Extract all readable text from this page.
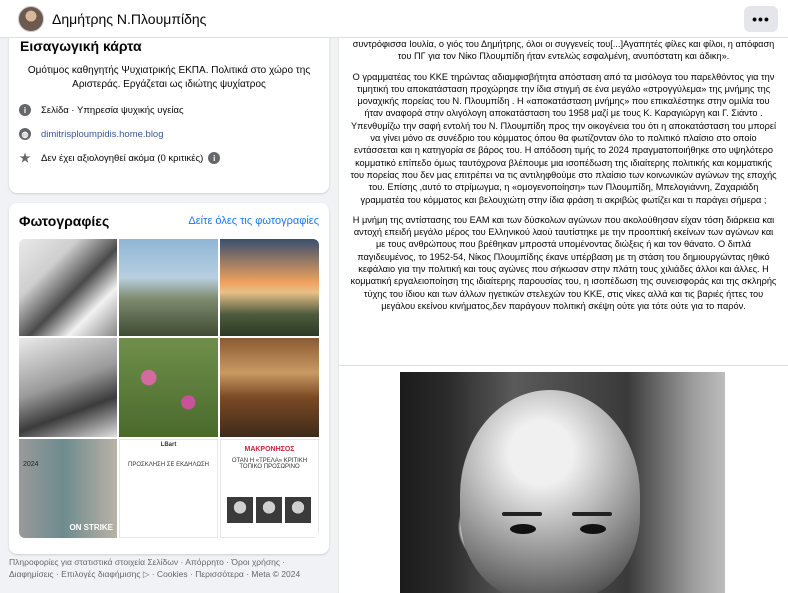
Δημήτρης Ν.Πλουμπίδης	•••
Εισαγωγική κάρτα
Ομότιμος καθηγητής Ψυχιατρικής ΕΚΠΑ. Πολιτικά στο χώρο της Αριστεράς. Εργάζεται ως ιδιώτης ψυχίατρος
i	Σελίδα · Υπηρεσία ψυχικής υγείας
◍ dimitrisploumpidis.home.blog
★ Δεν έχει αξιολογηθεί ακόμα (0 κριτικές)	i
Φωτογραφίες	Δείτε όλες τις φωτογραφίες
2024
ON STRIKE
LBart
ΠΡΟΣΚΛΗΣΗ ΣΕ ΕΚΔΗΛΩΣΗ
ΜΑΚΡΟΝΗΣΟΣ
ΟΤΑΝ Η «ΤΡΕΛΑ» ΚΡΙΤΙΚΗ ΤΟΠΙΚΟ ΠΡΟΣΩΡΙΝΟ
Πληροφορίες για στατιστικά στοιχεία Σελίδων · Απόρρητο · Όροι χρήσης · Διαφημίσεις · Επιλογές διαφήμισης ▷ · Cookies · Περισσότερα · Meta © 2024

συντρόφισσα Ιουλία, ο γιός του Δημήτρης, όλοι οι συγγενείς του[...]Αγαπητές φίλες και φίλοι, η απόφαση του ΠΓ για τον Νίκο Πλουμπίδη ήταν εντελώς εσφαλμένη, ανυπόστατη και άδικη».

Ο γραμματέας του ΚΚΕ τηρώντας αδιαμφισβήτητα απόσταση από τα μισόλογα του παρελθόντος για την τιμητική του αποκατάσταση προχώρησε την ίδια στιγμή σε ένα μεγάλο «στρογγύλεμα» της μνήμης της μοναχικής πορείας του Ν. Πλουμπίδη . Η «αποκατάσταση μνήμης» που επικαλέστηκε στην ομιλία του ήταν αναφορά στην ολιγόλογη αποκατάσταση του 1958 μαζί με τους Κ. Καραγιώργη και Γ. Σιάντο . Υπενθυμίζω την σαφή εντολή του Ν. Πλουμπίδη προς την οικογένεια του ότι η αποκατάσταση του μπορεί να γίνει μόνο σε συνέδριο του κόμματος όπου θα φωτίζονταν όλο το πολιτικό πλαίσιο στο οποίο εντάσσεται και η κατηγορία σε βάρος του. Η απόδοση τιμής το 2024 πραγματοποιήθηκε στο υψηλότερο κομματικό επίπεδο όμως ταυτόχρονα βλέπουμε μια ισοπέδωση της ιδιαίτερης πολιτικής και κομματικής του πορείας που δεν μας επιτρέπει να τις αντιληφθούμε στο πλαίσιο των κοινωνικών αγώνων της εποχής του. Επίσης ,αυτό το στρίμωγμα, η «ομογενοποίηση» των Πλουμπίδη, Μπελογιάννη, Ζαχαριάδη γραμματέα του κόμματος και βελουχιώτη στην ίδια φράση τι ακριβώς φωτίζει και τι παράγει σήμερα ;

Η μνήμη της αντίστασης του ΕΑΜ και των δύσκολων αγώνων που ακολούθησαν είχαν τόση διάρκεια και αντοχή επειδή μεγάλο μέρος του Ελληνικού λαού ταυτίστηκε με την προοπτική εκείνων των αγώνων και με τους ανθρώπους που βρέθηκαν μπροστά υπομένοντας διώξεις ή και τον θάνατο. Ο διπλά παγιδευμένος, το 1952-54, Νίκος Πλουμπίδης έκανε υπέρβαση με τη στάση του δημιουργώντας ηθικό κεφάλαιο για την πολιτική και τους αγώνες που σήκωσαν στην πλάτη τους χιλιάδες άλλοι και άλλες. Η κομματική εργαλειοποίηση της ιδιαίτερης παρουσίας του, η ισοπέδωση της συνεισφοράς και της σκληρής τύχης του ίδιου και των άλλων ηγετικών στελεχών του ΚΚΕ, στις νίκες αλλά και τις βαριές ήττες του μεγάλου εκείνου κινήματος,δεν παράγουν πολιτική σκέψη ούτε για τότε ούτε για το παρόν.
